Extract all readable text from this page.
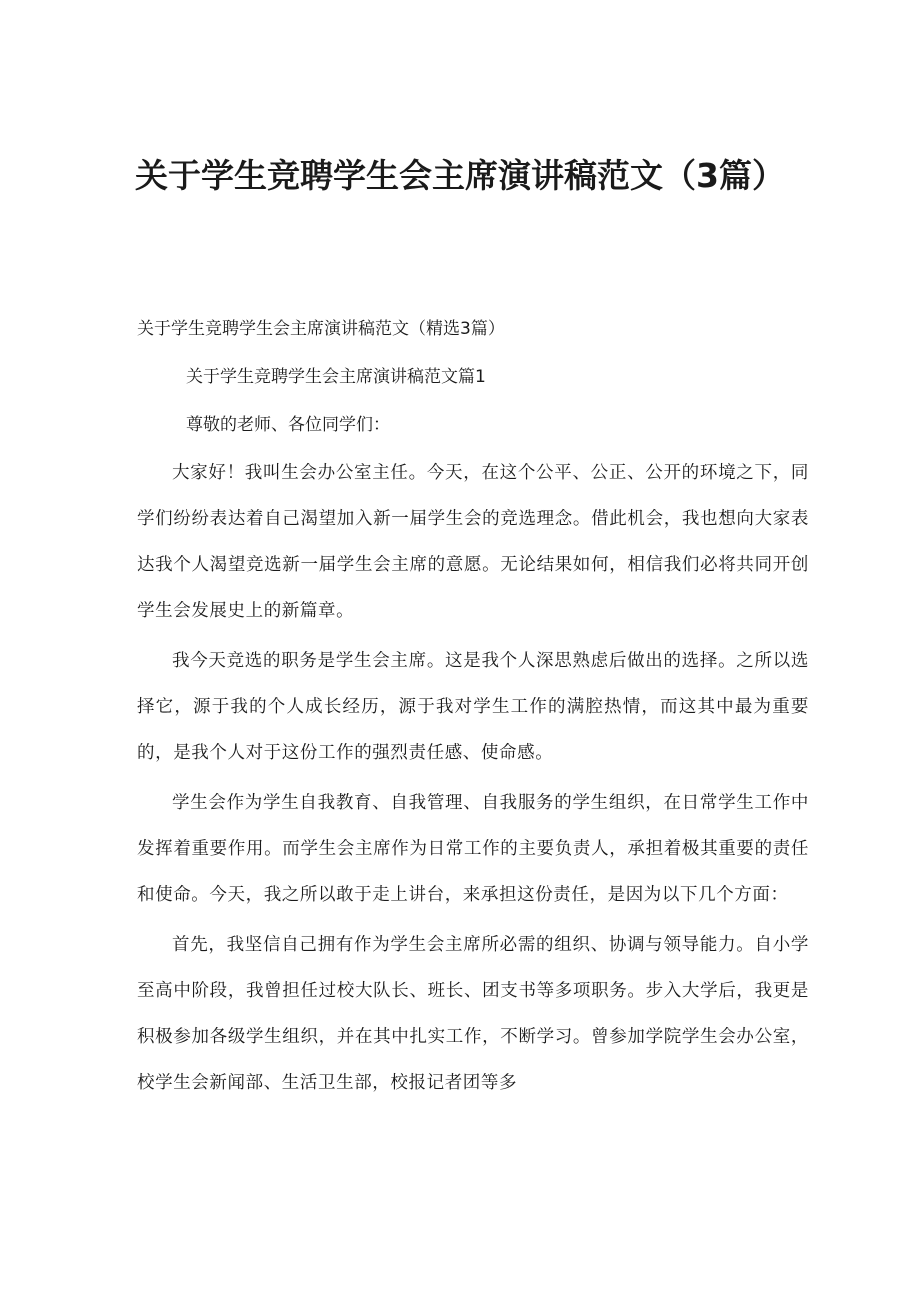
关于学生竞聘学生会主席演讲稿范文（3篇）

关于学生竞聘学生会主席演讲稿范文（精选3篇）

关于学生竞聘学生会主席演讲稿范文篇1

尊敬的老师、各位同学们：

大家好！我叫生会办公室主任。今天，在这个公平、公正、公开的环境之下，同学们纷纷表达着自己渴望加入新一届学生会的竞选理念。借此机会，我也想向大家表达我个人渴望竞选新一届学生会主席的意愿。无论结果如何，相信我们必将共同开创学生会发展史上的新篇章。

我今天竞选的职务是学生会主席。这是我个人深思熟虑后做出的选择。之所以选择它，源于我的个人成长经历，源于我对学生工作的满腔热情，而这其中最为重要的，是我个人对于这份工作的强烈责任感、使命感。

学生会作为学生自我教育、自我管理、自我服务的学生组织，在日常学生工作中发挥着重要作用。而学生会主席作为日常工作的主要负责人，承担着极其重要的责任和使命。今天，我之所以敢于走上讲台，来承担这份责任，是因为以下几个方面：

首先，我坚信自己拥有作为学生会主席所必需的组织、协调与领导能力。自小学至高中阶段，我曾担任过校大队长、班长、团支书等多项职务。步入大学后，我更是积极参加各级学生组织，并在其中扎实工作，不断学习。曾参加学院学生会办公室，校学生会新闻部、生活卫生部，校报记者团等多
